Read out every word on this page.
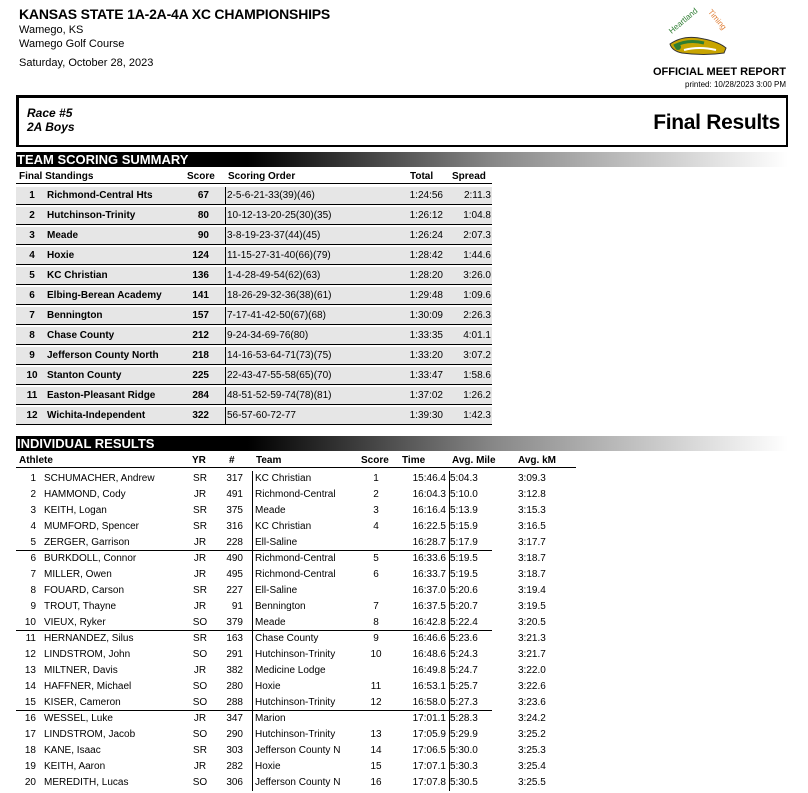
KANSAS STATE 1A-2A-4A XC CHAMPIONSHIPS
Wamego, KS
Wamego Golf Course
Saturday, October 28, 2023
Heartland Timing
OFFICIAL MEET REPORT
printed: 10/28/2023 3:00 PM
Race #5
2A Boys	Final Results
TEAM SCORING SUMMARY
Final Standings	Score Scoring Order	Total Spread
1	Richmond-Central Hts	67 2-5-6-21-33(39)(46)	1:24:56	2:11.3
2	Hutchinson-Trinity	80 10-12-13-20-25(30)(35)	1:26:12	1:04.8
3	Meade	90 3-8-19-23-37(44)(45)	1:26:24	2:07.3
4	Hoxie	124 11-15-27-31-40(66)(79)	1:28:42	1:44.6
5	KC Christian	136 1-4-28-49-54(62)(63)	1:28:20	3:26.0
6	Elbing-Berean Academy	141 18-26-29-32-36(38)(61)	1:29:48	1:09.6
7	Bennington	157 7-17-41-42-50(67)(68)	1:30:09	2:26.3
8	Chase County	212 9-24-34-69-76(80)	1:33:35	4:01.1
9	Jefferson County North	218 14-16-53-64-71(73)(75)	1:33:20	3:07.2
10 Stanton County	225 22-43-47-55-58(65)(70)	1:33:47	1:58.6
11 Easton-Pleasant Ridge	284 48-51-52-59-74(78)(81)	1:37:02	1:26.2
12 Wichita-Independent	322 56-57-60-72-77	1:39:30	1:42.3
INDIVIDUAL RESULTS
Athlete	YR # Team	Score Time	Avg. Mile Avg. kM
1 SCHUMACHER, Andrew	SR	317 KC Christian	1	15:46.4 5:04.3	3:09.3
2 HAMMOND, Cody	JR	491 Richmond-Central	2	16:04.3 5:10.0	3:12.8
3 KEITH, Logan	SR	375 Meade	3	16:16.4 5:13.9	3:15.3
4 MUMFORD, Spencer	SR	316 KC Christian	4	16:22.5 5:15.9	3:16.5
5 ZERGER, Garrison	JR	228 Ell-Saline	16:28.7 5:17.9	3:17.7
6 BURKDOLL, Connor	JR	490 Richmond-Central	5	16:33.6 5:19.5	3:18.7
7 MILLER, Owen	JR	495 Richmond-Central	6	16:33.7 5:19.5	3:18.7
8 FOUARD, Carson	SR	227 Ell-Saline	16:37.0 5:20.6	3:19.4
9 TROUT, Thayne	JR	91 Bennington	7	16:37.5 5:20.7	3:19.5
10 VIEUX, Ryker	SO	379 Meade	8	16:42.8 5:22.4	3:20.5
11 HERNANDEZ, Silus	SR	163 Chase County	9	16:46.6 5:23.6	3:21.3
12 LINDSTROM, John	SO	291 Hutchinson-Trinity	10	16:48.6 5:24.3	3:21.7
13 MILTNER, Davis	JR	382 Medicine Lodge	16:49.8 5:24.7	3:22.0
14 HAFFNER, Michael	SO	280 Hoxie	11	16:53.1 5:25.7	3:22.6
15 KISER, Cameron	SO	288 Hutchinson-Trinity	12	16:58.0 5:27.3	3:23.6
16 WESSEL, Luke	JR	347 Marion	17:01.1 5:28.3	3:24.2
17 LINDSTROM, Jacob	SO	290 Hutchinson-Trinity	13	17:05.9 5:29.9	3:25.2
18 KANE, Isaac	SR	303 Jefferson County N	14	17:06.5 5:30.0	3:25.3
19 KEITH, Aaron	JR	282 Hoxie	15	17:07.1 5:30.3	3:25.4
20 MEREDITH, Lucas	SO	306 Jefferson County N	16	17:07.8 5:30.5	3:25.5
